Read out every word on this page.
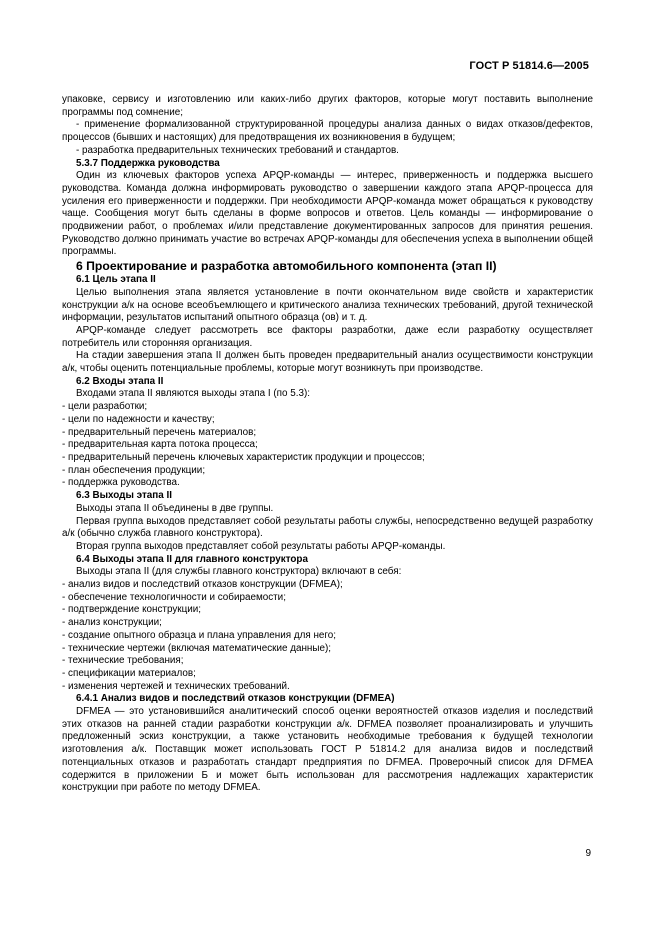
ГОСТ Р 51814.6—2005

упаковке, сервису и изготовлению или каких-либо других факторов, которые могут поставить выполнение программы под сомнение;

- применение формализованной структурированной процедуры анализа данных о видах отказов/дефектов, процессов (бывших и настоящих) для предотвращения их возникновения в будущем;

- разработка предварительных технических требований и стандартов.

5.3.7 Поддержка руководства

Один из ключевых факторов успеха APQP-команды — интерес, приверженность и поддержка высшего руководства. Команда должна информировать руководство о завершении каждого этапа APQP-процесса для усиления его приверженности и поддержки. При необходимости APQP-команда может обращаться к руководству чаще. Сообщения могут быть сделаны в форме вопросов и ответов. Цель команды — информирование о продвижении работ, о проблемах и/или представление документированных запросов для принятия решения. Руководство должно принимать участие во встречах APQP-команды для обеспечения успеха в выполнении общей программы.

6 Проектирование и разработка автомобильного компонента (этап II)

6.1 Цель этапа II

Целью выполнения этапа является установление в почти окончательном виде свойств и характеристик конструкции а/к на основе всеобъемлющего и критического анализа технических требований, другой технической информации, результатов испытаний опытного образца (ов) и т. д.

APQP-команде следует рассмотреть все факторы разработки, даже если разработку осуществляет потребитель или сторонняя организация.

На стадии завершения этапа II должен быть проведен предварительный анализ осуществимости конструкции а/к, чтобы оценить потенциальные проблемы, которые могут возникнуть при производстве.

6.2 Входы этапа II

Входами этапа II являются выходы этапа I (по 5.3):

- цели разработки;
- цели по надежности и качеству;
- предварительный перечень материалов;
- предварительная карта потока процесса;
- предварительный перечень ключевых характеристик продукции и процессов;
- план обеспечения продукции;
- поддержка руководства.

6.3 Выходы этапа II

Выходы этапа II объединены в две группы.

Первая группа выходов представляет собой результаты работы службы, непосредственно ведущей разработку а/к (обычно служба главного конструктора).

Вторая группа выходов представляет собой результаты работы APQP-команды.

6.4 Выходы этапа II для главного конструктора

Выходы этапа II (для службы главного конструктора) включают в себя:

- анализ видов и последствий отказов конструкции (DFMEA);
- обеспечение технологичности и собираемости;
- подтверждение конструкции;
- анализ конструкции;
- создание опытного образца и плана управления для него;
- технические чертежи (включая математические данные);
- технические требования;
- спецификации материалов;
- изменения чертежей и технических требований.

6.4.1 Анализ видов и последствий отказов конструкции (DFMEA)

DFMEA — это установившийся аналитический способ оценки вероятностей отказов изделия и последствий этих отказов на ранней стадии разработки конструкции а/к. DFMEA позволяет проанализировать и улучшить предложенный эскиз конструкции, а также установить необходимые требования к будущей технологии изготовления а/к. Поставщик может использовать ГОСТ Р 51814.2 для анализа видов и последствий потенциальных отказов и разработать стандарт предприятия по DFMEA. Проверочный список для DFMEA содержится в приложении Б и может быть использован для рассмотрения надлежащих характеристик конструкции при работе по методу DFMEA.

9
